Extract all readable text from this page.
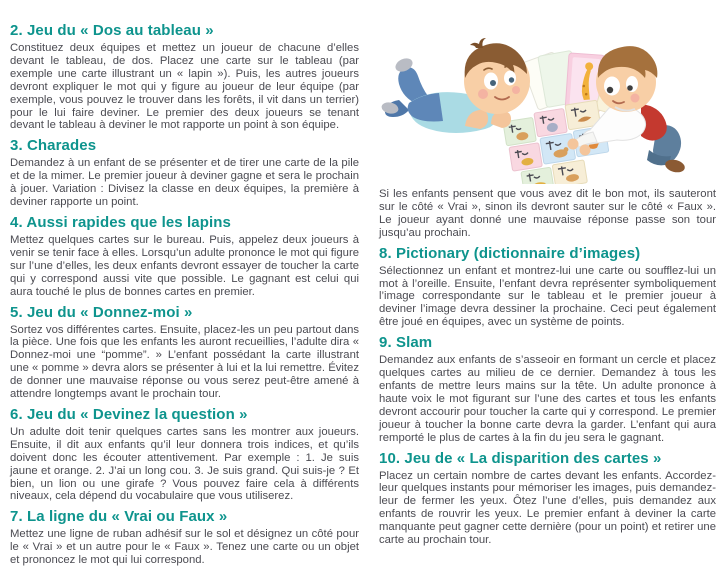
2. Jeu du « Dos au tableau »

Constituez deux équipes et mettez un joueur de chacune d’elles devant le tableau, de dos. Placez une carte sur le tableau (par exemple une carte illustrant un « lapin »). Puis, les autres joueurs devront expliquer le mot qui y figure au joueur de leur équipe (par exemple, vous pouvez le trouver dans les forêts, il vit dans un terrier) pour le lui faire deviner. Le premier des deux joueurs se tenant devant le tableau à deviner le mot rapporte un point à son équipe.

3. Charades

Demandez à un enfant de se présenter et de tirer une carte de la pile et de la mimer. Le premier joueur à deviner gagne et sera le prochain à jouer. Variation : Divisez la classe en deux équipes, la première à deviner rapporte un point.

4. Aussi rapides que les lapins

Mettez quelques cartes sur le bureau. Puis, appelez deux joueurs à venir se tenir face à elles. Lorsqu’un adulte prononce le mot qui figure sur l’une d’elles, les deux enfants devront essayer de toucher la carte qui y correspond aussi vite que possible. Le gagnant est celui qui aura touché le plus de bonnes cartes en premier.

5. Jeu du « Donnez-moi »

Sortez vos différentes cartes. Ensuite, placez-les un peu partout dans la pièce. Une fois que les enfants les auront recueillies, l’adulte dira « Donnez-moi une “pomme”. » L’enfant possédant la carte illustrant une « pomme » devra alors se présenter à lui et la lui remettre. Évitez de donner une mauvaise réponse ou vous serez peut-être amené à attendre longtemps avant le prochain tour.

6. Jeu du « Devinez la question »

Un adulte doit tenir quelques cartes sans les montrer aux joueurs. Ensuite, il dit aux enfants qu’il leur donnera trois indices, et qu’ils doivent donc les écouter attentivement. Par exemple : 1. Je suis jaune et orange. 2. J’ai un long cou. 3. Je suis grand. Qui suis-je ? Et bien, un lion ou une girafe ? Vous pouvez faire cela à différents niveaux, cela dépend du vocabulaire que vous utiliserez.

7. La ligne du « Vrai ou Faux »

Mettez une ligne de ruban adhésif sur le sol et désignez un côté pour le « Vrai » et un autre pour le « Faux ». Tenez une carte ou un objet et prononcez le mot qui lui correspond.

Si les enfants pensent que vous avez dit le bon mot, ils sauteront sur le côté « Vrai », sinon ils devront sauter sur le côté « Faux ». Le joueur ayant donné une mauvaise réponse passe son tour jusqu’au prochain.

8. Pictionary (dictionnaire d’images)

Sélectionnez un enfant et montrez-lui une carte ou soufflez-lui un mot à l’oreille. Ensuite, l’enfant devra représenter symboliquement l’image correspondante sur le tableau et le premier joueur à deviner l’image devra dessiner la prochaine. Ceci peut également être joué en équipes, avec un système de points.

9. Slam

Demandez aux enfants de s’asseoir en formant un cercle et placez quelques cartes au milieu de ce dernier. Demandez à tous les enfants de mettre leurs mains sur la tête. Un adulte prononce à haute voix le mot figurant sur l’une des cartes et tous les enfants devront accourir pour toucher la carte qui y correspond. Le premier joueur à toucher la bonne carte devra la garder. L’enfant qui aura remporté le plus de cartes à la fin du jeu sera le gagnant.

10. Jeu de « La disparition des cartes »

Placez un certain nombre de cartes devant les enfants. Accordez-leur quelques instants pour mémoriser les images, puis demandez-leur de fermer les yeux. Ôtez l’une d’elles, puis demandez aux enfants de rouvrir les yeux. Le premier enfant à deviner la carte manquante peut gagner cette dernière (pour un point) et retirer une carte au prochain tour.
